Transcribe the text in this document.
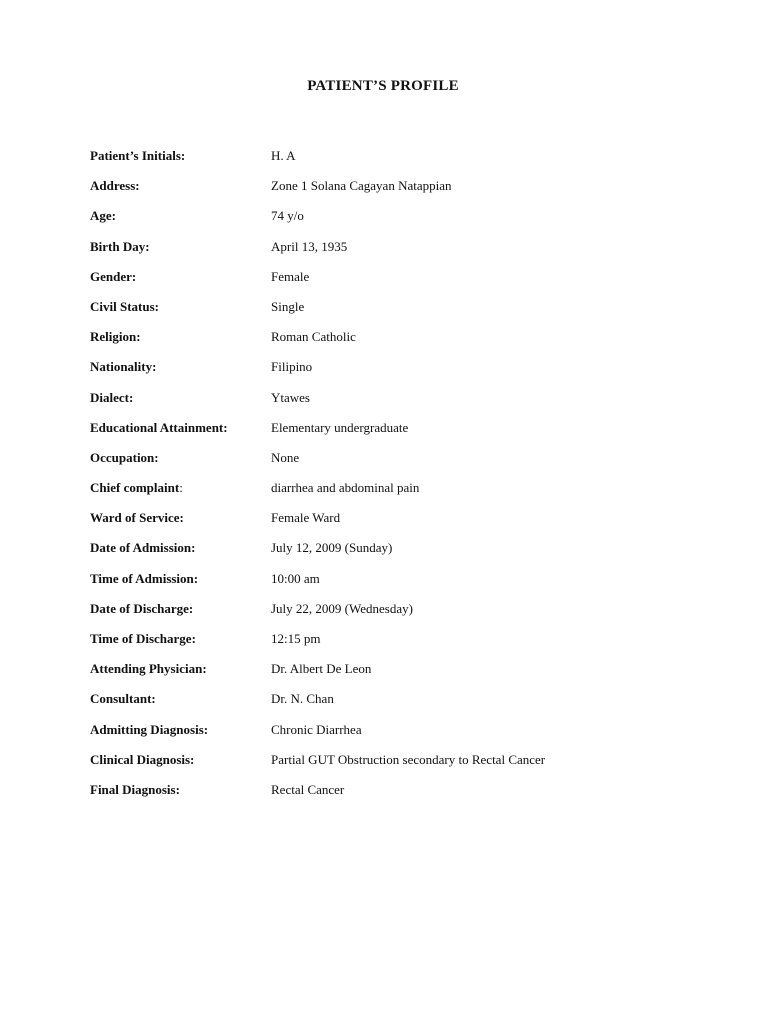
PATIENT’S PROFILE
Patient’s Initials:	H. A
Address:	Zone 1 Solana Cagayan Natappian
Age:	74 y/o
Birth Day:	April 13, 1935
Gender:	Female
Civil Status:	Single
Religion:	Roman Catholic
Nationality:	Filipino
Dialect:	Ytawes
Educational Attainment:	Elementary undergraduate
Occupation:	None
Chief complaint:	diarrhea and abdominal pain
Ward of Service:	Female Ward
Date of Admission:	July 12, 2009 (Sunday)
Time of Admission:	10:00 am
Date of Discharge:	July 22, 2009 (Wednesday)
Time of Discharge:	12:15 pm
Attending Physician:	Dr. Albert De Leon
Consultant:	Dr. N. Chan
Admitting Diagnosis:	Chronic Diarrhea
Clinical Diagnosis:	Partial GUT Obstruction secondary to Rectal Cancer
Final Diagnosis:	Rectal Cancer
